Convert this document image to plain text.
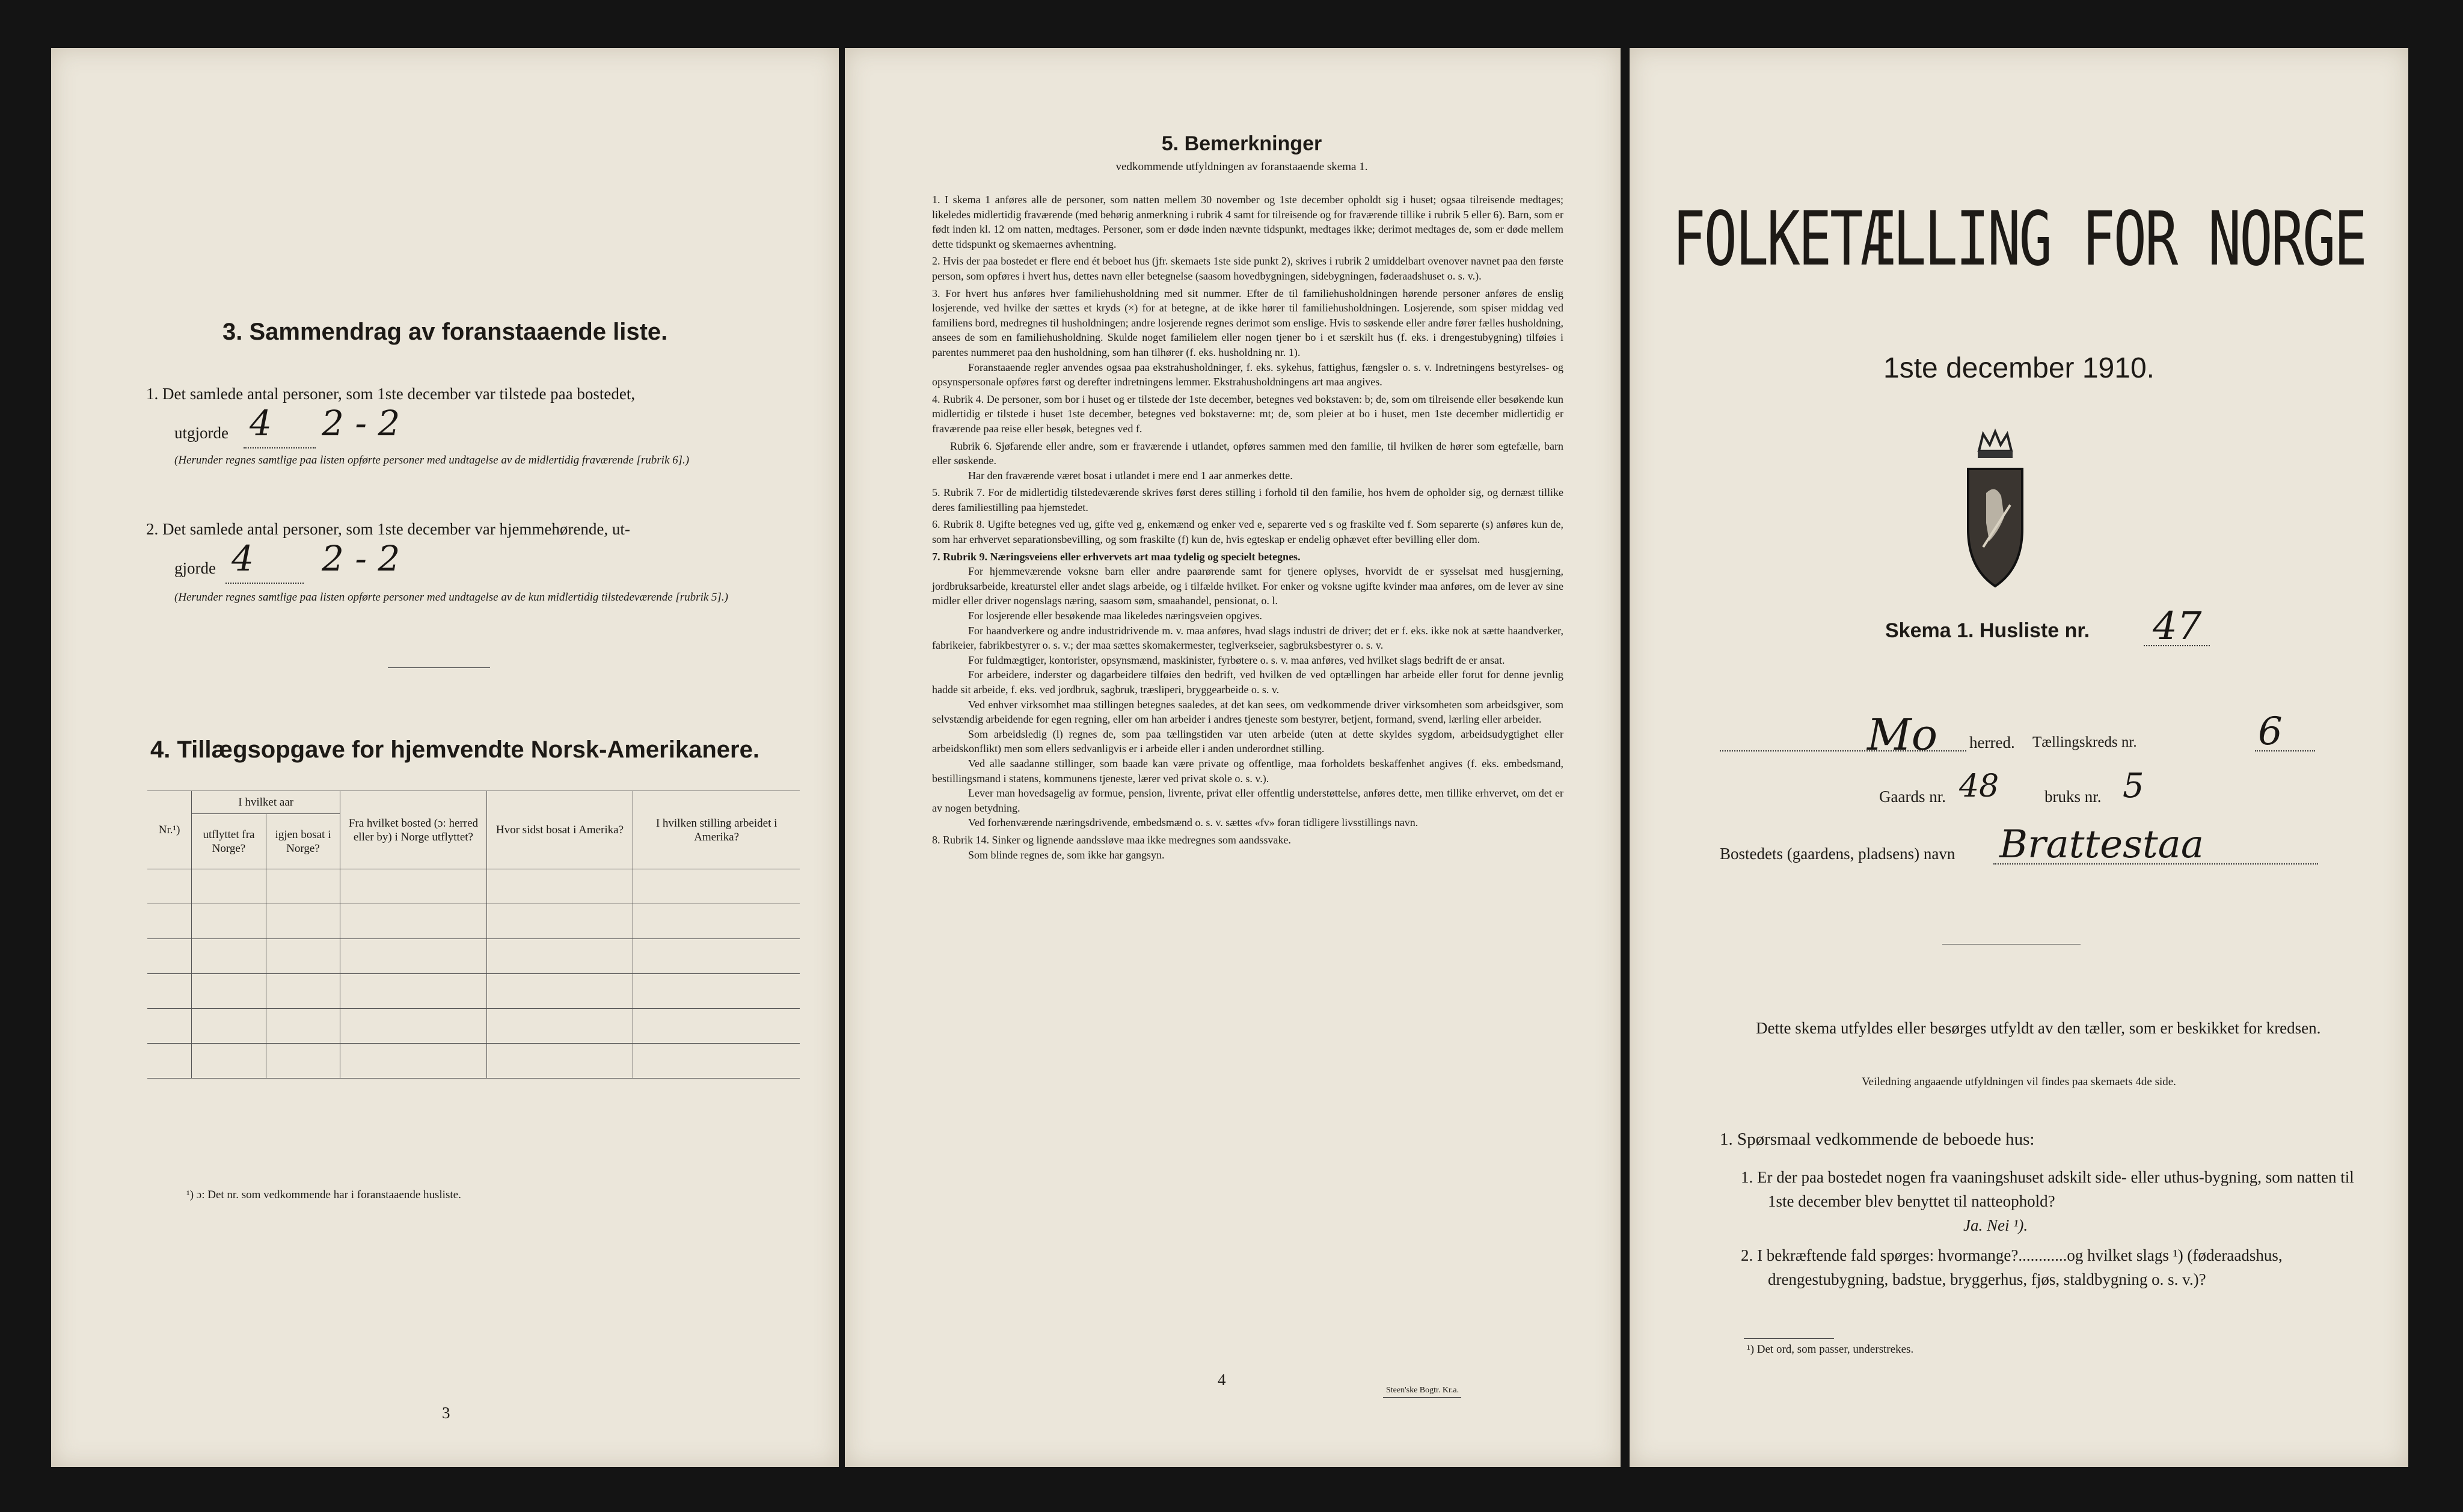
3. Sammendrag av foranstaaende liste.
1. Det samlede antal personer, som 1ste december var tilstede paa bostedet,
utgjorde 4 2 - 2
(Herunder regnes samtlige paa listen opførte personer med undtagelse av de midlertidig fraværende [rubrik 6].)
2. Det samlede antal personer, som 1ste december var hjemmehørende, ut-
gjorde 4 2 - 2
(Herunder regnes samtlige paa listen opførte personer med undtagelse av de kun midlertidig tilstedeværende [rubrik 5].)
4. Tillægsopgave for hjemvendte Norsk-Amerikanere.
Nr.¹)	I hvilket aar		Fra hvilket bosted (ɔ: herred eller by) i Norge utflyttet?	Hvor sidst bosat i Amerika?	I hvilken stilling arbeidet i Amerika?
	utflyttet fra Norge?	igjen bosat i Norge?			

¹) ɔ: Det nr. som vedkommende har i foranstaaende husliste.
3
5. Bemerkninger
vedkommende utfyldningen av foranstaaende skema 1.

1. I skema 1 anføres alle de personer, som natten mellem 30 november og 1ste december opholdt sig i huset; ogsaa tilreisende medtages; likeledes midlertidig fraværende (med behørig anmerkning i rubrik 4 samt for tilreisende og for fraværende tillike i rubrik 5 eller 6). Barn, som er født inden kl. 12 om natten, medtages. Personer, som er døde inden nævnte tidspunkt, medtages ikke; derimot medtages de, som er døde mellem dette tidspunkt og skemaernes avhentning.

2. Hvis der paa bostedet er flere end ét beboet hus (jfr. skemaets 1ste side punkt 2), skrives i rubrik 2 umiddelbart ovenover navnet paa den første person, som opføres i hvert hus, dettes navn eller betegnelse (saasom hovedbygningen, sidebygningen, føderaadshuset o. s. v.).

3. For hvert hus anføres hver familiehusholdning med sit nummer. Efter de til familiehusholdningen hørende personer anføres de enslig losjerende, ved hvilke der sættes et kryds (×) for at betegne, at de ikke hører til familiehusholdningen. Losjerende, som spiser middag ved familiens bord, medregnes til husholdningen; andre losjerende regnes derimot som enslige. Hvis to søskende eller andre fører fælles husholdning, ansees de som en familiehusholdning. Skulde noget familielem eller nogen tjener bo i et særskilt hus (f. eks. i drengestubygning) tilføies i parentes nummeret paa den husholdning, som han tilhører (f. eks. husholdning nr. 1).

Foranstaaende regler anvendes ogsaa paa ekstrahusholdninger, f. eks. sykehus, fattighus, fængsler o. s. v. Indretningens bestyrelses- og opsynspersonale opføres først og derefter indretningens lemmer. Ekstrahusholdningens art maa angives.

4. Rubrik 4. De personer, som bor i huset og er tilstede der 1ste december, betegnes ved bokstaven: b; de, som om tilreisende eller besøkende kun midlertidig er tilstede i huset 1ste december, betegnes ved bokstaverne: mt; de, som pleier at bo i huset, men 1ste december midlertidig er fraværende paa reise eller besøk, betegnes ved f.

Rubrik 6. Sjøfarende eller andre, som er fraværende i utlandet, opføres sammen med den familie, til hvilken de hører som egtefælle, barn eller søskende.

Har den fraværende været bosat i utlandet i mere end 1 aar anmerkes dette.

5. Rubrik 7. For de midlertidig tilstedeværende skrives først deres stilling i forhold til den familie, hos hvem de opholder sig, og dernæst tillike deres familiestilling paa hjemstedet.

6. Rubrik 8. Ugifte betegnes ved ug, gifte ved g, enkemænd og enker ved e, separerte ved s og fraskilte ved f. Som separerte (s) anføres kun de, som har erhvervet separationsbevilling, og som fraskilte (f) kun de, hvis egteskap er endelig ophævet efter bevilling eller dom.

7. Rubrik 9. Næringsveiens eller erhvervets art maa tydelig og specielt betegnes.

For hjemmeværende voksne barn eller andre paarørende samt for tjenere oplyses, hvorvidt de er sysselsat med husgjerning, jordbruksarbeide, kreaturstel eller andet slags arbeide, og i tilfælde hvilket. For enker og voksne ugifte kvinder maa anføres, om de lever av sine midler eller driver nogenslags næring, saasom søm, smaahandel, pensionat, o. l.

For losjerende eller besøkende maa likeledes næringsveien opgives.

For haandverkere og andre industridrivende m. v. maa anføres, hvad slags industri de driver; det er f. eks. ikke nok at sætte haandverker, fabrikeier, fabrikbestyrer o. s. v.; der maa sættes skomakermester, teglverkseier, sagbruksbestyrer o. s. v.

For fuldmægtiger, kontorister, opsynsmænd, maskinister, fyrbøtere o. s. v. maa anføres, ved hvilket slags bedrift de er ansat.

For arbeidere, inderster og dagarbeidere tilføies den bedrift, ved hvilken de ved optællingen har arbeide eller forut for denne jevnlig hadde sit arbeide, f. eks. ved jordbruk, sagbruk, træsliperi, bryggearbeide o. s. v.

Ved enhver virksomhet maa stillingen betegnes saaledes, at det kan sees, om vedkommende driver virksomheten som arbeidsgiver, som selvstændig arbeidende for egen regning, eller om han arbeider i andres tjeneste som bestyrer, betjent, formand, svend, lærling eller arbeider.

Som arbeidsledig (l) regnes de, som paa tællingstiden var uten arbeide (uten at dette skyldes sygdom, arbeidsudygtighet eller arbeidskonflikt) men som ellers sedvanligvis er i arbeide eller i anden underordnet stilling.

Ved alle saadanne stillinger, som baade kan være private og offentlige, maa forholdets beskaffenhet angives (f. eks. embedsmand, bestillingsmand i statens, kommunens tjeneste, lærer ved privat skole o. s. v.).

Lever man hovedsagelig av formue, pension, livrente, privat eller offentlig understøttelse, anføres dette, men tillike erhvervet, om det er av nogen betydning.

Ved forhenværende næringsdrivende, embedsmænd o. s. v. sættes «fv» foran tidligere livsstillings navn.

8. Rubrik 14. Sinker og lignende aandssløve maa ikke medregnes som aandssvake.

Som blinde regnes de, som ikke har gangsyn.

4
Steen'ske Bogtr. Kr.a.
FOLKETÆLLING FOR NORGE
1ste december 1910.
Skema 1. Husliste nr. 47
Mo herred. Tællingskreds nr.	6
Gaards nr. 48	bruks nr. 5
Bostedets (gaardens, pladsens) navn Brattestaa
Dette skema utfyldes eller besørges utfyldt av den tæller, som er beskikket for kredsen.
Veiledning angaaende utfyldningen vil findes paa skemaets 4de side.
1. Spørsmaal vedkommende de beboede hus:
1. Er der paa bostedet nogen fra vaaningshuset adskilt side- eller uthus-bygning, som natten til 1ste december blev benyttet til natteophold?
Ja. Nei ¹).
2. I bekræftende fald spørges: hvormange?............og hvilket slags ¹) (føderaadshus, drengestubygning, badstue, bryggerhus, fjøs, staldbygning o. s. v.)?
¹) Det ord, som passer, understrekes.
